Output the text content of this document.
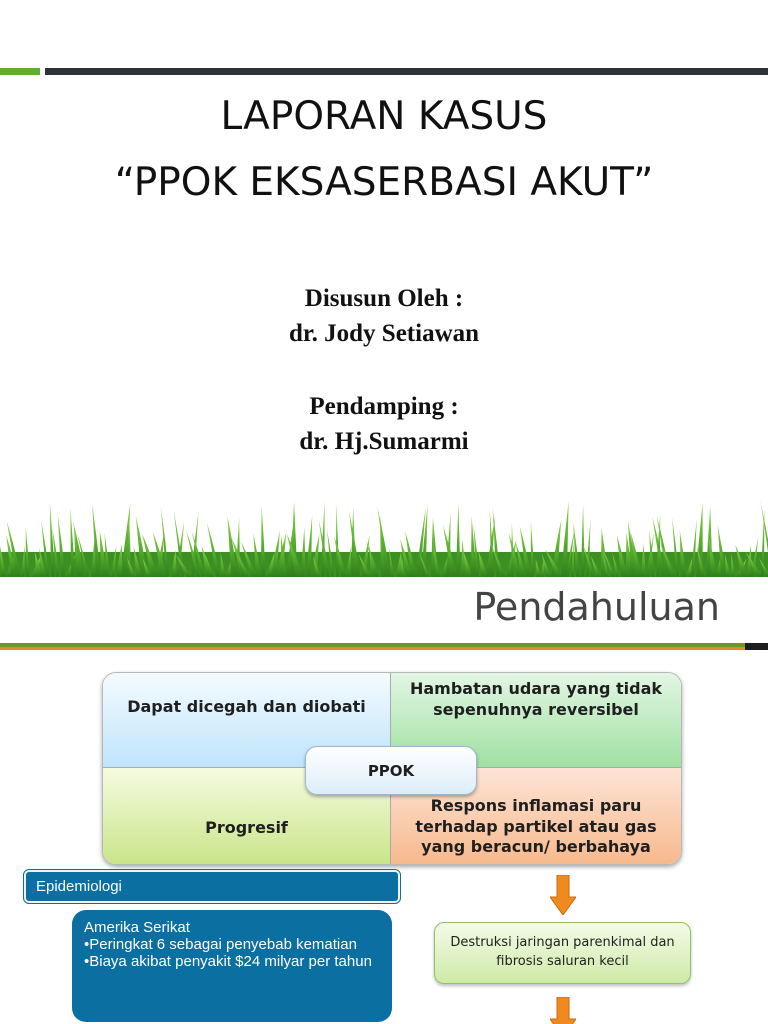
LAPORAN KASUS
“PPOK EKSASERBASI AKUT”
Disusun Oleh :
dr. Jody Setiawan
Pendamping :
dr. Hj.Sumarmi
Pendahuluan
Dapat dicegah dan diobati
Hambatan udara yang tidak sepenuhnya reversibel
Progresif
Respons inflamasi paru terhadap partikel atau gas yang beracun/ berbahaya
PPOK
Epidemiologi
Amerika Serikat
•Peringkat 6 sebagai penyebab kematian
•Biaya akibat penyakit $24 milyar per tahun
Destruksi jaringan parenkimal dan fibrosis saluran kecil
